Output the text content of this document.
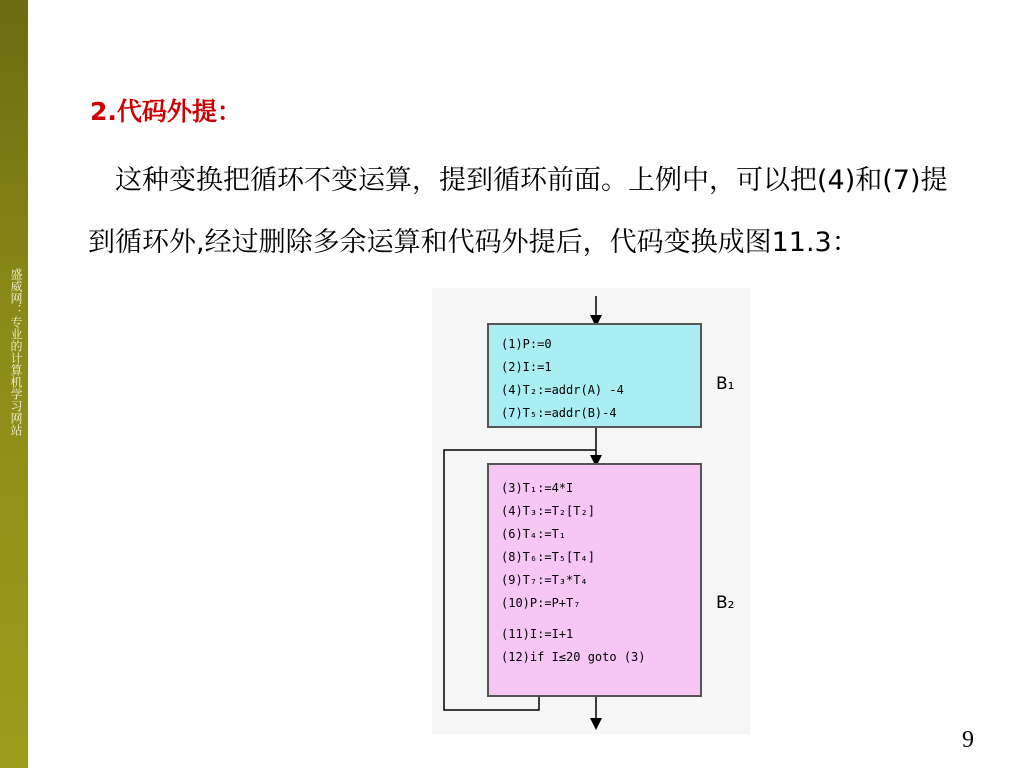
盛威网：专业的计算机学习网站
2.代码外提：
这种变换把循环不变运算，提到循环前面。上例中，可以把(4)和(7)提到循环外,经过删除多余运算和代码外提后，代码变换成图11.3：
(1)P:=0
(2)I:=1
(4)T₂:=addr(A) -4
(7)T₅:=addr(B)-4
B₁
(3)T₁:=4*I
(4)T₃:=T₂[T₂]
(6)T₄:=T₁
(8)T₆:=T₅[T₄]
(9)T₇:=T₃*T₄
(10)P:=P+T₇
(11)I:=I+1
(12)if I≤20 goto (3)
B₂
9
